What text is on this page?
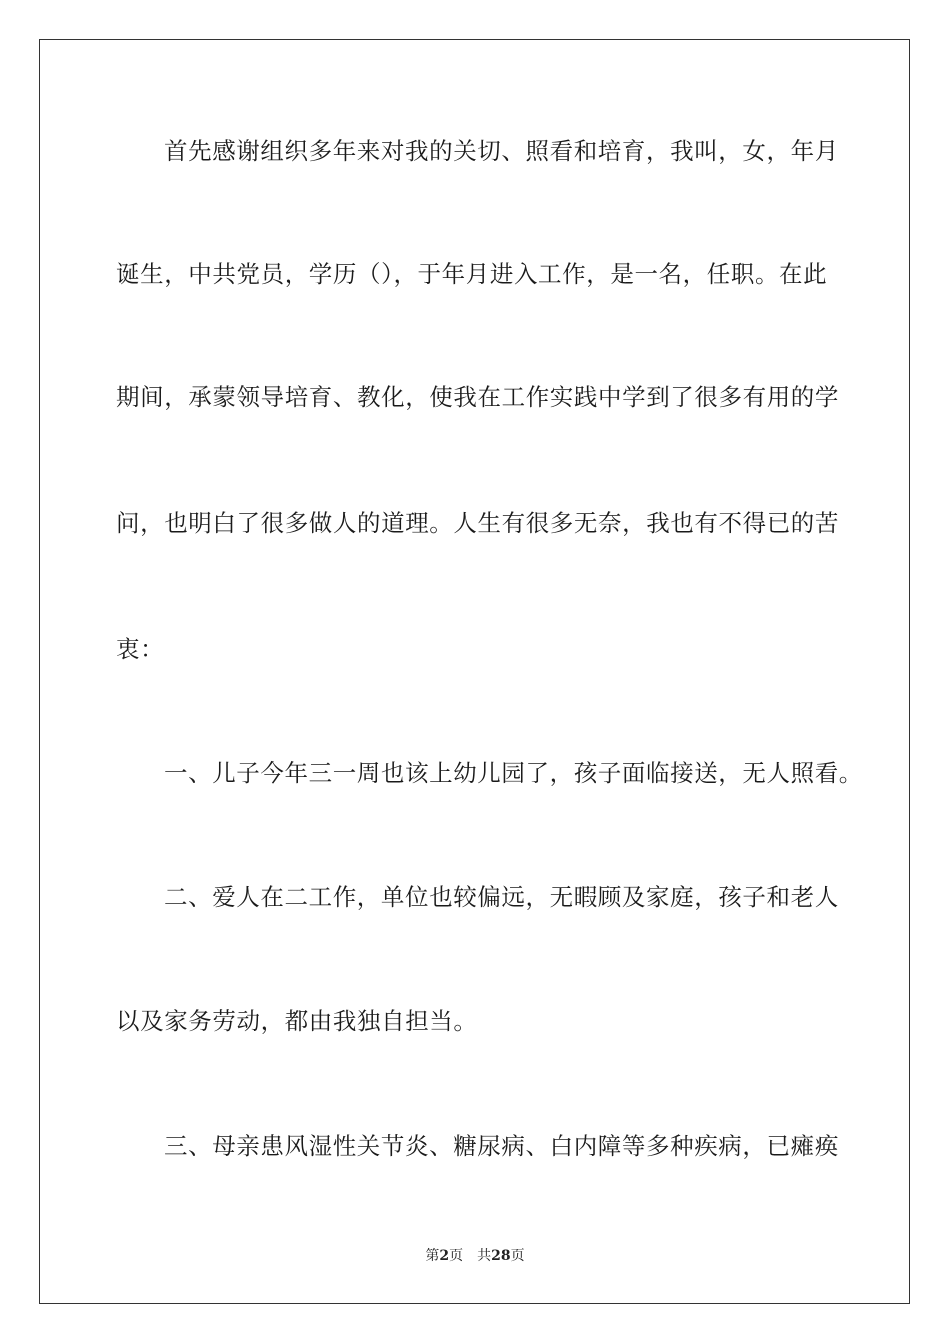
首先感谢组织多年来对我的关切、照看和培育，我叫，女，年月
诞生，中共党员，学历（），于年月进入工作，是一名，任职。在此
期间，承蒙领导培育、教化，使我在工作实践中学到了很多有用的学
问，也明白了很多做人的道理。人生有很多无奈，我也有不得已的苦
衷：
一、儿子今年三一周也该上幼儿园了，孩子面临接送，无人照看。
二、爱人在二工作，单位也较偏远，无暇顾及家庭，孩子和老人
以及家务劳动，都由我独自担当。
三、母亲患风湿性关节炎、糖尿病、白内障等多种疾病，已瘫痪
第2页 共28页
